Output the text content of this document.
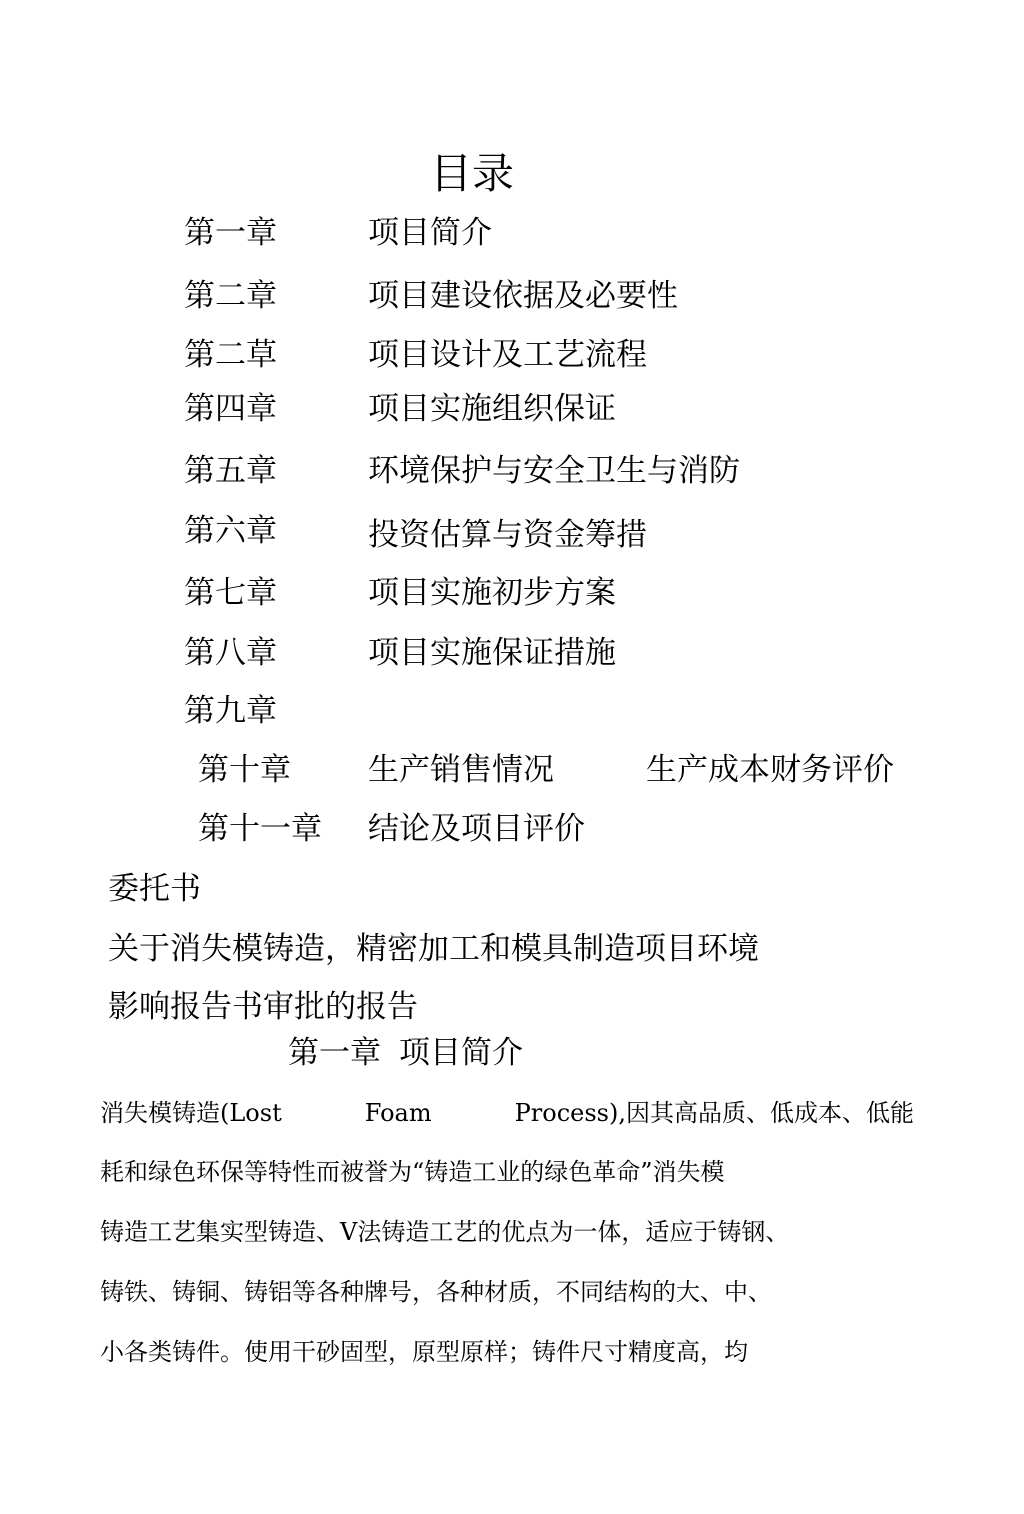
目录
第一章	项目简介
第二章	项目建设依据及必要性
第二草	项目设计及工艺流程
第四章	项目实施组织保证
第五章	环境保护与安全卫生与消防
第六章	投资估算与资金筹措
第七章	项目实施初步方案
第八章	项目实施保证措施
第九章
第十章 生产销售情况	生产成本财务评价
第十一章 结论及项目评价
委托书
关于消失模铸造，精密加工和模具制造项目环境
影响报告书审批的报告
第一章 项目简介
消失模铸造(Lost	Foam	Process),因其高品质、低成本、低能
耗和绿色环保等特性而被誉为“铸造工业的绿色革命”消失模
铸造工艺集实型铸造、V法铸造工艺的优点为一体，适应于铸钢、
铸铁、铸铜、铸铝等各种牌号，各种材质，不同结构的大、中、
小各类铸件。使用干砂固型，原型原样；铸件尺寸精度高，均
